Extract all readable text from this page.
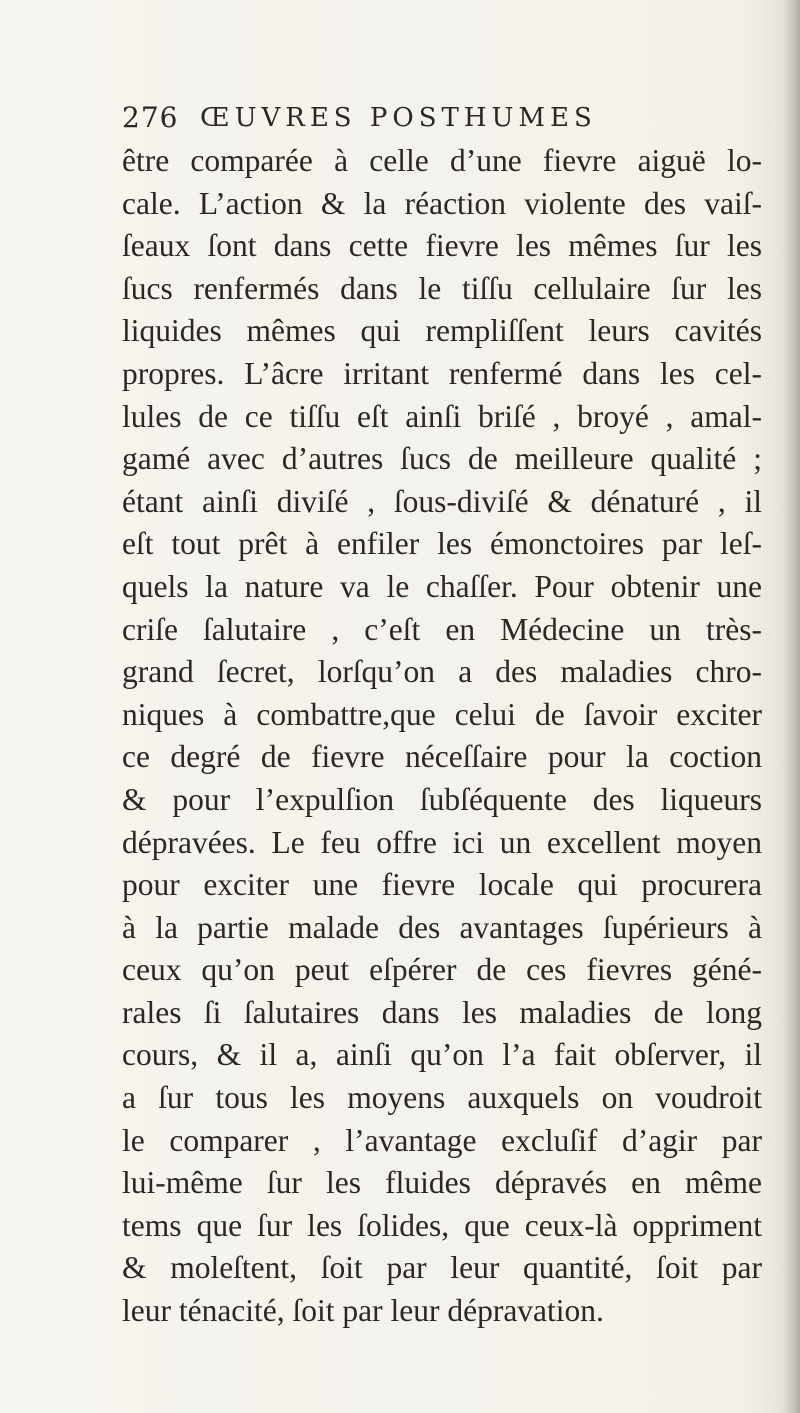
276 ŒUVRES POSTHUMES
être comparée à celle d’une fievre aiguë lo-
cale. L’action & la réaction violente des vaiſ-
ſeaux ſont dans cette fievre les mêmes ſur les
ſucs renfermés dans le tiſſu cellulaire ſur les
liquides mêmes qui rempliſſent leurs cavités
propres. L’âcre irritant renfermé dans les cel-
lules de ce tiſſu eſt ainſi briſé , broyé , amal-
gamé avec d’autres ſucs de meilleure qualité ;
étant ainſi diviſé , ſous-diviſé & dénaturé , il
eſt tout prêt à enfiler les émonctoires par leſ-
quels la nature va le chaſſer. Pour obtenir une
criſe ſalutaire , c’eſt en Médecine un très-
grand ſecret, lorſqu’on a des maladies chro-
niques à combattre,que celui de ſavoir exciter
ce degré de fievre néceſſaire pour la coction
& pour l’expulſion ſubſéquente des liqueurs
dépravées. Le feu offre ici un excellent moyen
pour exciter une fievre locale qui procurera
à la partie malade des avantages ſupérieurs à
ceux qu’on peut eſpérer de ces fievres géné-
rales ſi ſalutaires dans les maladies de long
cours, & il a, ainſi qu’on l’a fait obſerver, il
a ſur tous les moyens auxquels on voudroit
le comparer , l’avantage excluſif d’agir par
lui-même ſur les fluides dépravés en même
tems que ſur les ſolides, que ceux-là oppriment
& moleſtent, ſoit par leur quantité, ſoit par
leur ténacité, ſoit par leur dépravation.
